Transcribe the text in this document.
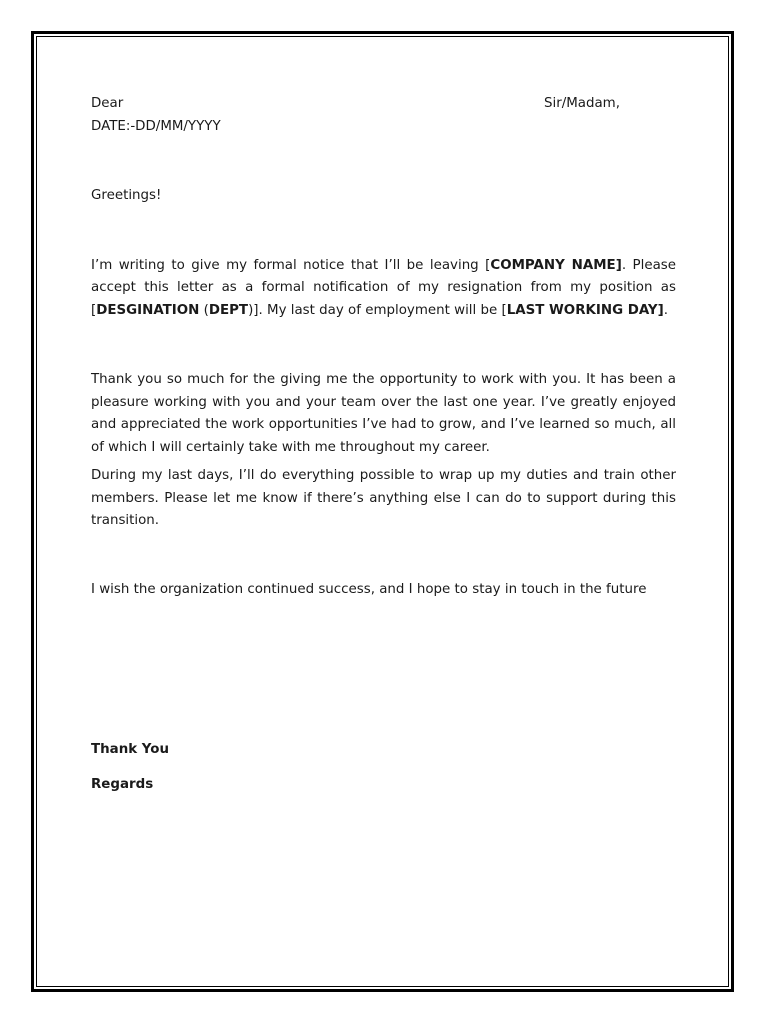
Dear	Sir/Madam,

DATE:-DD/MM/YYYY

Greetings!

I’m writing to give my formal notice that I’ll be leaving [COMPANY NAME]. Please accept this letter as a formal notification of my resignation from my position as [DESGINATION (DEPT)]. My last day of employment will be [LAST WORKING DAY].

Thank you so much for the giving me the opportunity to work with you. It has been a pleasure working with you and your team over the last one year. I’ve greatly enjoyed and appreciated the work opportunities I’ve had to grow, and I’ve learned so much, all of which I will certainly take with me throughout my career.

During my last days, I’ll do everything possible to wrap up my duties and train other members. Please let me know if there’s anything else I can do to support during this transition.

I wish the organization continued success, and I hope to stay in touch in the future

Thank You

Regards
